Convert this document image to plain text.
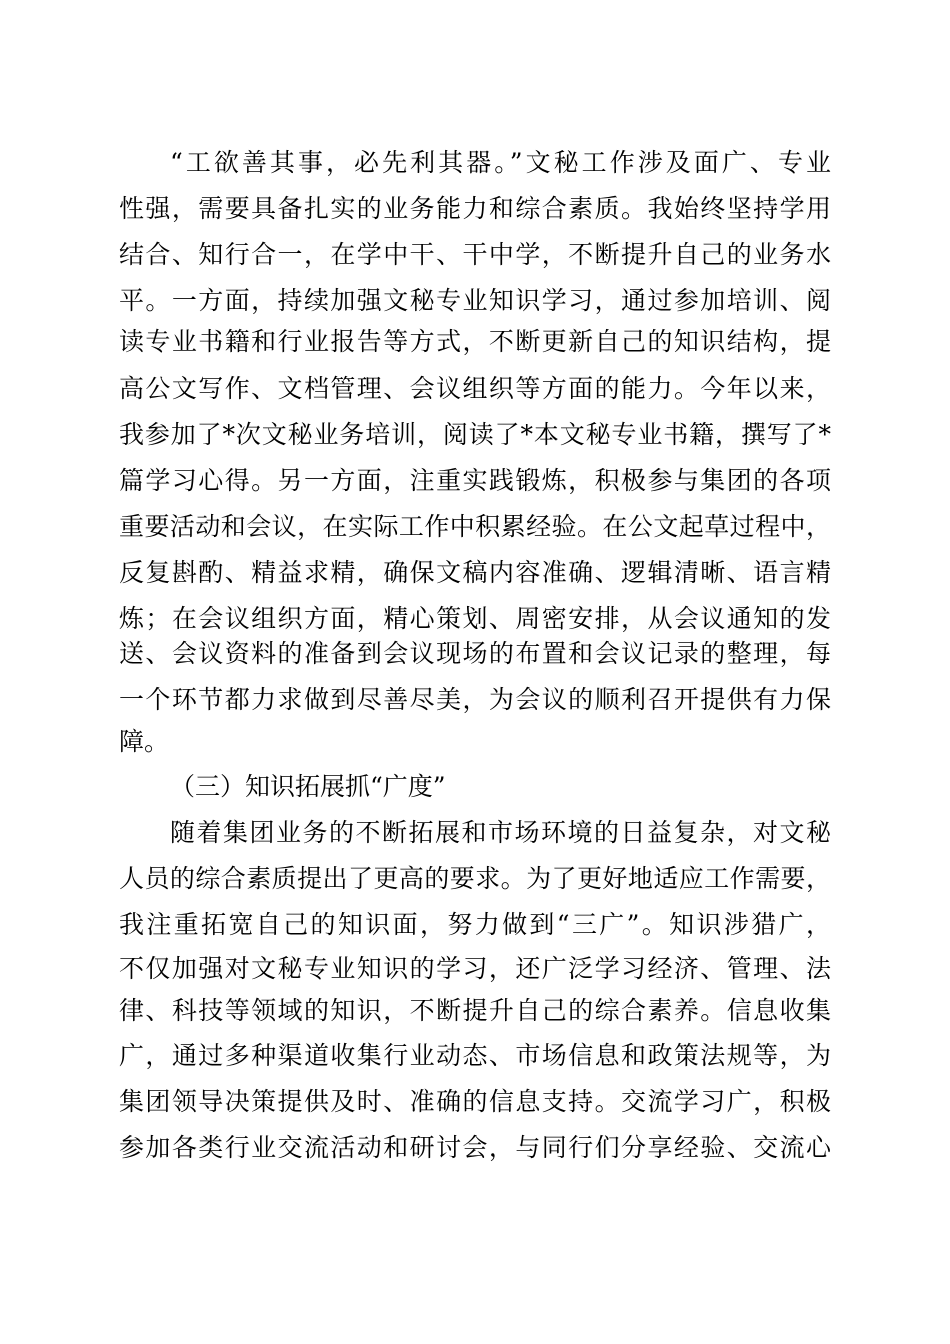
“工欲善其事，必先利其器。”文秘工作涉及面广、专业
性强，需要具备扎实的业务能力和综合素质。我始终坚持学用
结合、知行合一，在学中干、干中学，不断提升自己的业务水
平。一方面，持续加强文秘专业知识学习，通过参加培训、阅
读专业书籍和行业报告等方式，不断更新自己的知识结构，提
高公文写作、文档管理、会议组织等方面的能力。今年以来，
我参加了*次文秘业务培训，阅读了*本文秘专业书籍，撰写了*
篇学习心得。另一方面，注重实践锻炼，积极参与集团的各项
重要活动和会议，在实际工作中积累经验。在公文起草过程中，
反复斟酌、精益求精，确保文稿内容准确、逻辑清晰、语言精
炼；在会议组织方面，精心策划、周密安排，从会议通知的发
送、会议资料的准备到会议现场的布置和会议记录的整理，每
一个环节都力求做到尽善尽美，为会议的顺利召开提供有力保
障。
（三）知识拓展抓“广度”
随着集团业务的不断拓展和市场环境的日益复杂，对文秘
人员的综合素质提出了更高的要求。为了更好地适应工作需要，
我注重拓宽自己的知识面，努力做到“三广”。知识涉猎广，
不仅加强对文秘专业知识的学习，还广泛学习经济、管理、法
律、科技等领域的知识，不断提升自己的综合素养。信息收集
广，通过多种渠道收集行业动态、市场信息和政策法规等，为
集团领导决策提供及时、准确的信息支持。交流学习广，积极
参加各类行业交流活动和研讨会，与同行们分享经验、交流心
